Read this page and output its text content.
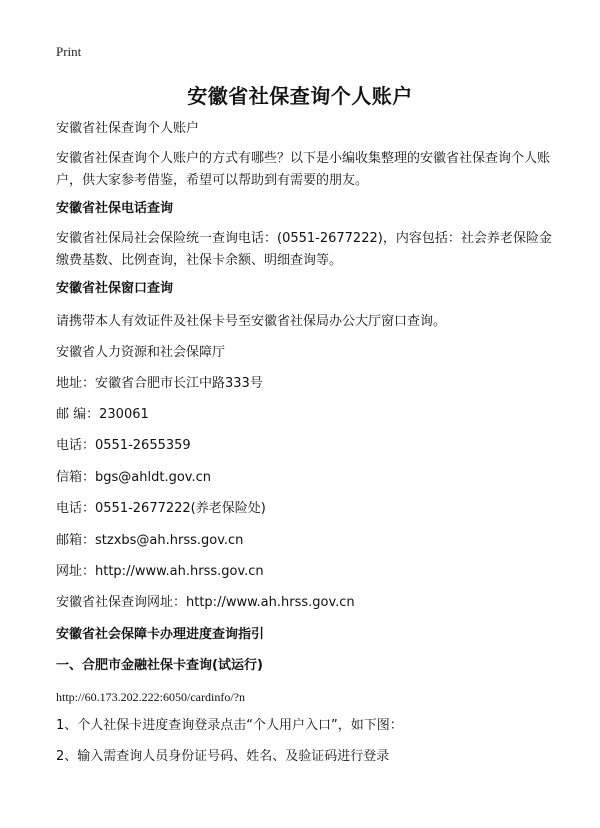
Print
安徽省社保查询个人账户
安徽省社保查询个人账户
安徽省社保查询个人账户的方式有哪些？以下是小编收集整理的安徽省社保查询个人账户，供大家参考借鉴，希望可以帮助到有需要的朋友。
安徽省社保电话查询
安徽省社保局社会保险统一查询电话：(0551-2677222)，内容包括：社会养老保险金缴费基数、比例查询，社保卡余额、明细查询等。
安徽省社保窗口查询
请携带本人有效证件及社保卡号至安徽省社保局办公大厅窗口查询。
安徽省人力资源和社会保障厅
地址：安徽省合肥市长江中路333号
邮 编：230061
电话：0551-2655359
信箱：bgs@ahldt.gov.cn
电话：0551-2677222(养老保险处)
邮箱：stzxbs@ah.hrss.gov.cn
网址：http://www.ah.hrss.gov.cn
安徽省社保查询网址：http://www.ah.hrss.gov.cn
安徽省社会保障卡办理进度查询指引
一、合肥市金融社保卡查询(试运行)
http://60.173.202.222:6050/cardinfo/?n
1、个人社保卡进度查询登录点击“个人用户入口”，如下图：
2、输入需查询人员身份证号码、姓名、及验证码进行登录
